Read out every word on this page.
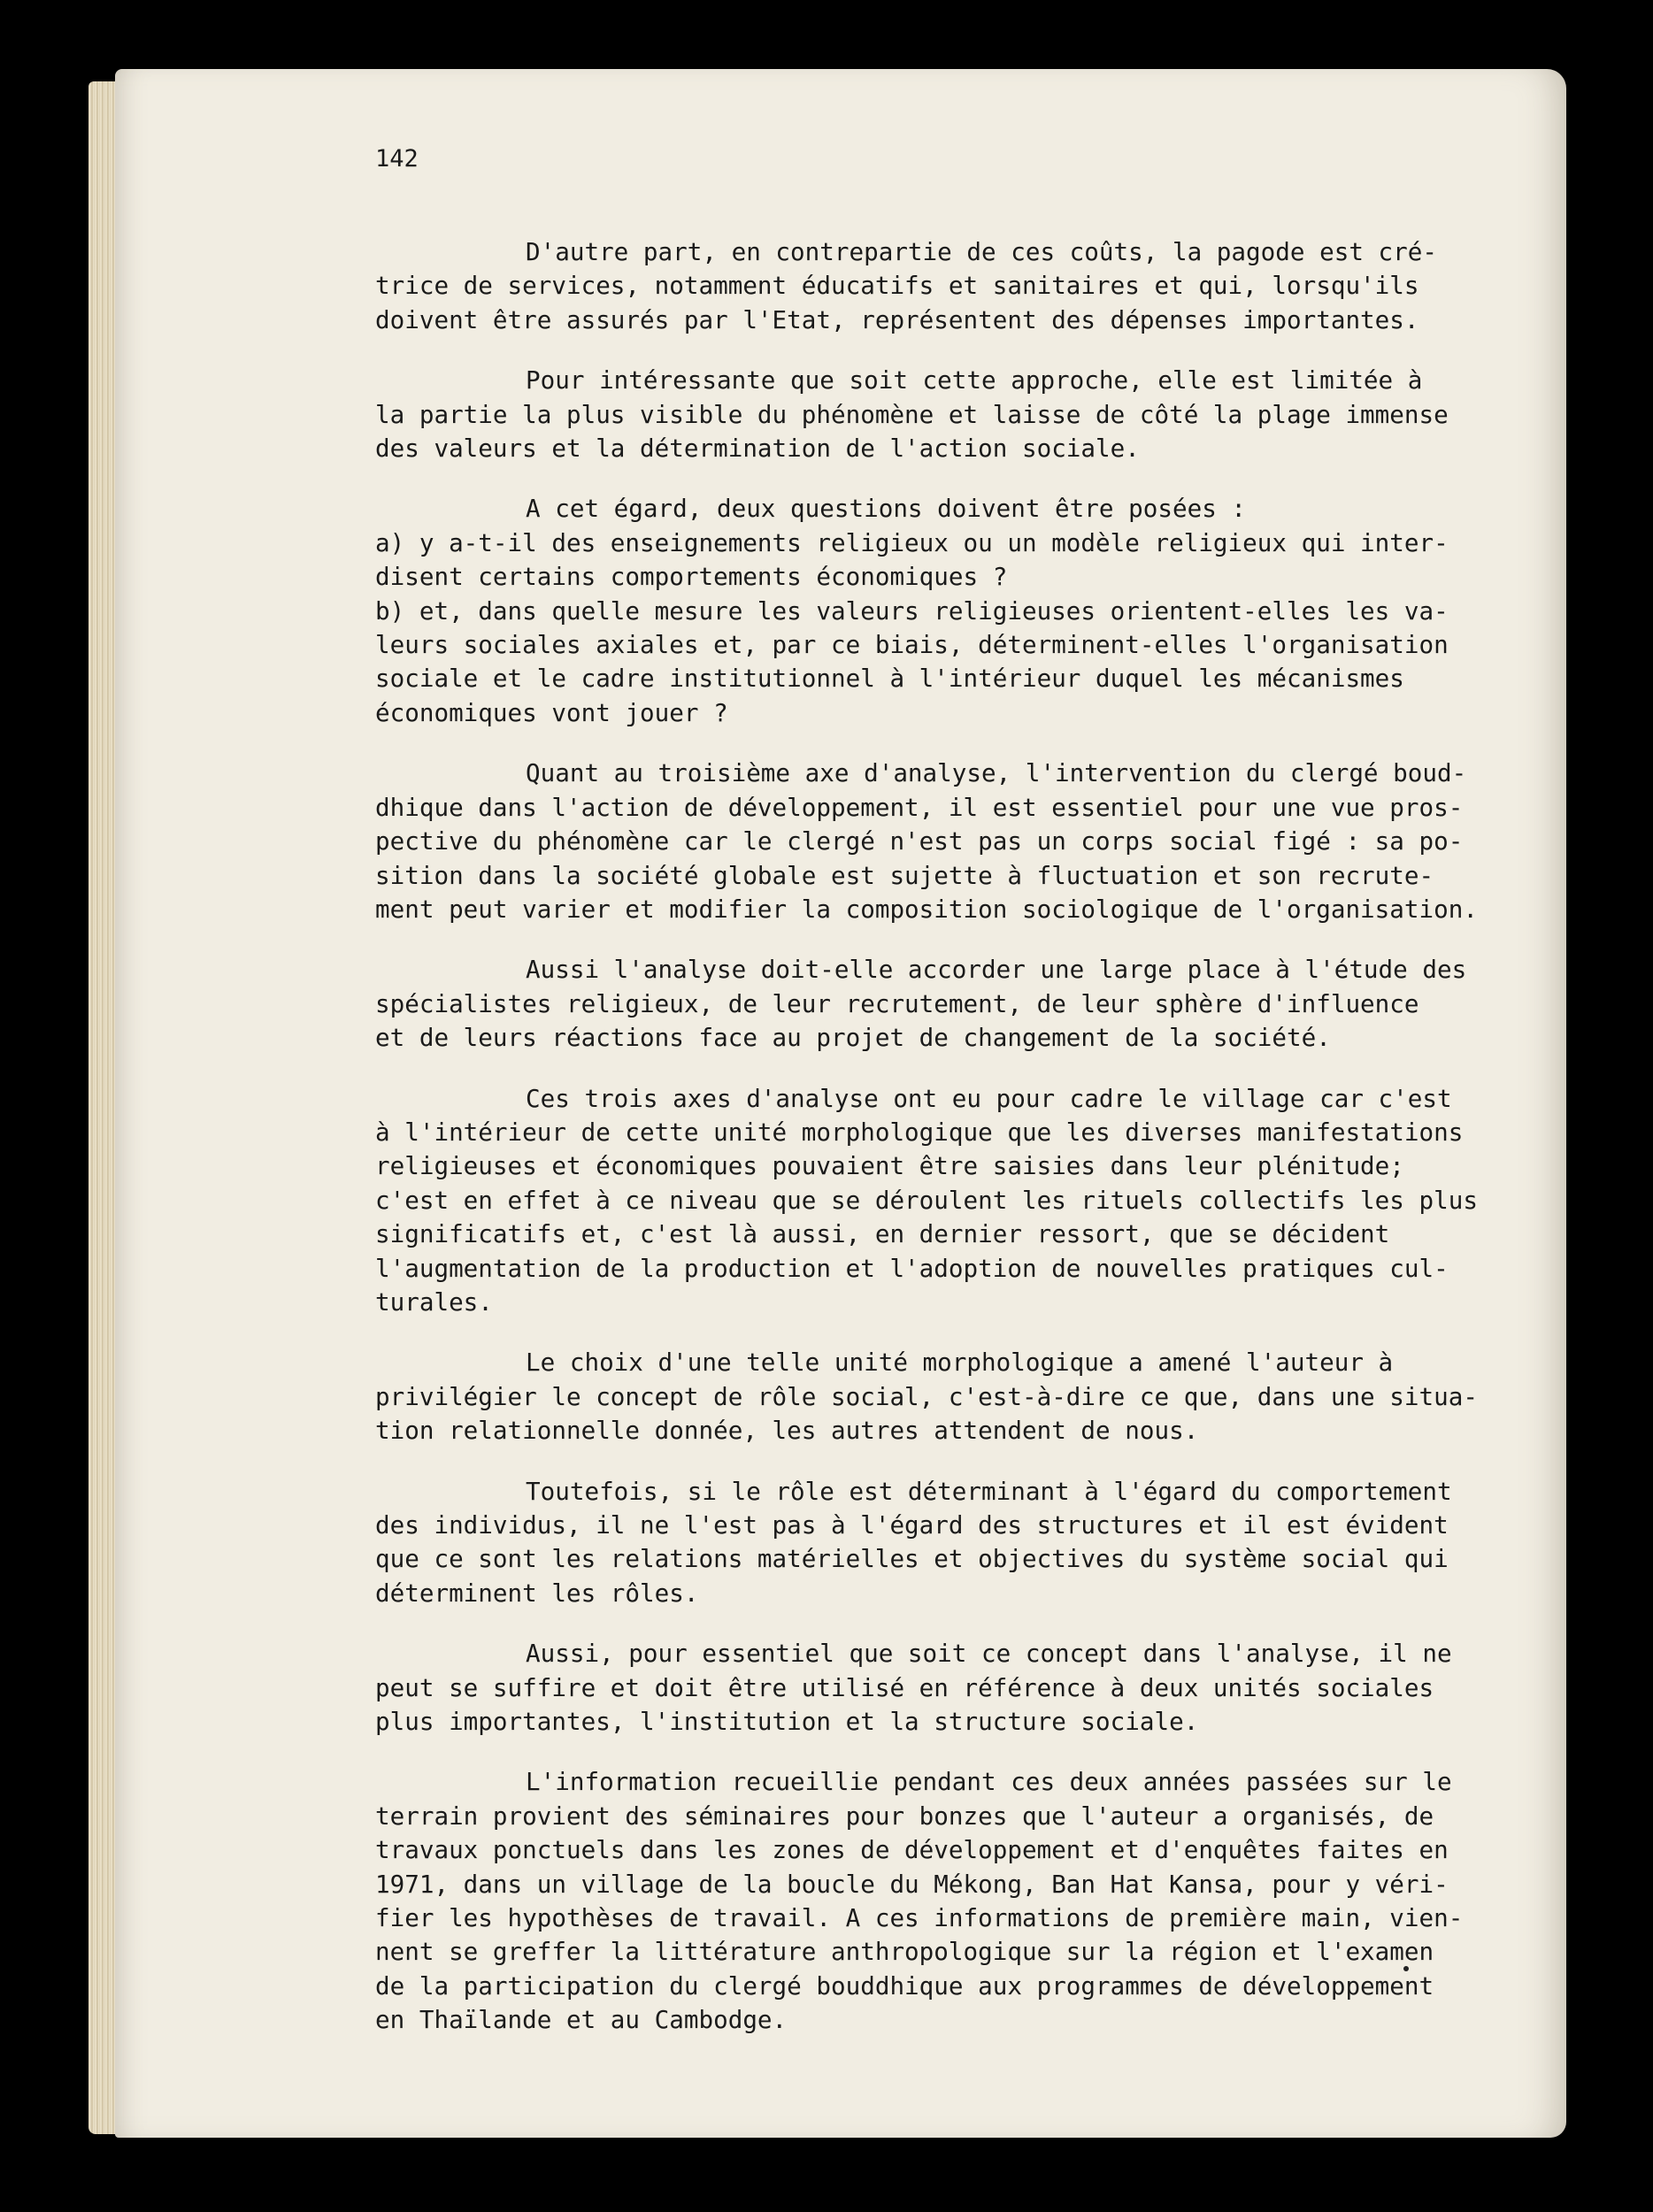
142

D'autre part, en contrepartie de ces coûts, la pagode est cré-
trice de services, notamment éducatifs et sanitaires et qui, lorsqu'ils
doivent être assurés par l'Etat, représentent des dépenses importantes.

Pour intéressante que soit cette approche, elle est limitée à
la partie la plus visible du phénomène et laisse de côté la plage immense
des valeurs et la détermination de l'action sociale.

A cet égard, deux questions doivent être posées :
a) y a-t-il des enseignements religieux ou un modèle religieux qui inter-
disent certains comportements économiques ?
b) et, dans quelle mesure les valeurs religieuses orientent-elles les va-
leurs sociales axiales et, par ce biais, déterminent-elles l'organisation
sociale et le cadre institutionnel à l'intérieur duquel les mécanismes
économiques vont jouer ?

Quant au troisième axe d'analyse, l'intervention du clergé boud-
dhique dans l'action de développement, il est essentiel pour une vue pros-
pective du phénomène car le clergé n'est pas un corps social figé : sa po-
sition dans la société globale est sujette à fluctuation et son recrute-
ment peut varier et modifier la composition sociologique de l'organisation.

Aussi l'analyse doit-elle accorder une large place à l'étude des
spécialistes religieux, de leur recrutement, de leur sphère d'influence
et de leurs réactions face au projet de changement de la société.

Ces trois axes d'analyse ont eu pour cadre le village car c'est
à l'intérieur de cette unité morphologique que les diverses manifestations
religieuses et économiques pouvaient être saisies dans leur plénitude;
c'est en effet à ce niveau que se déroulent les rituels collectifs les plus
significatifs et, c'est là aussi, en dernier ressort, que se décident
l'augmentation de la production et l'adoption de nouvelles pratiques cul-
turales.

Le choix d'une telle unité morphologique a amené l'auteur à
privilégier le concept de rôle social, c'est-à-dire ce que, dans une situa-
tion relationnelle donnée, les autres attendent de nous.

Toutefois, si le rôle est déterminant à l'égard du comportement
des individus, il ne l'est pas à l'égard des structures et il est évident
que ce sont les relations matérielles et objectives du système social qui
déterminent les rôles.

Aussi, pour essentiel que soit ce concept dans l'analyse, il ne
peut se suffire et doit être utilisé en référence à deux unités sociales
plus importantes, l'institution et la structure sociale.

L'information recueillie pendant ces deux années passées sur le
terrain provient des séminaires pour bonzes que l'auteur a organisés, de
travaux ponctuels dans les zones de développement et d'enquêtes faites en
1971, dans un village de la boucle du Mékong, Ban Hat Kansa, pour y véri-
fier les hypothèses de travail. A ces informations de première main, vien-
nent se greffer la littérature anthropologique sur la région et l'examen
de la participation du clergé bouddhique aux programmes de développement
en Thaïlande et au Cambodge.
